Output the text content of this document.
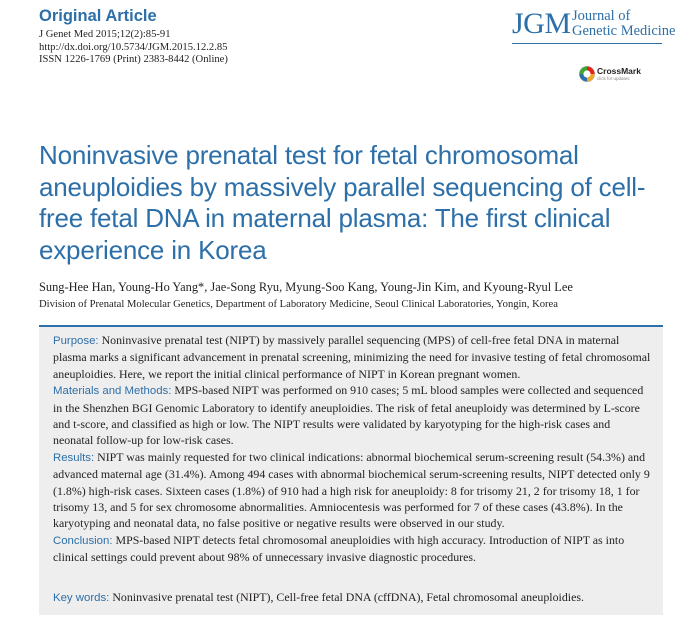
Original Article

J Genet Med 2015;12(2):85-91

http://dx.doi.org/10.5734/JGM.2015.12.2.85

ISSN 1226-1769 (Print) 2383-8442 (Online)

JGM Journal of
Genetic Medicine
CrossMark
click for updates
Noninvasive prenatal test for fetal chromosomal
aneuploidies by massively parallel sequencing of cell-
free fetal DNA in maternal plasma: The first clinical
experience in Korea

Sung-Hee Han, Young-Ho Yang*, Jae-Song Ryu, Myung-Soo Kang, Young-Jin Kim, and Kyoung-Ryul Lee

Division of Prenatal Molecular Genetics, Department of Laboratory Medicine, Seoul Clinical Laboratories, Yongin, Korea

Purpose: Noninvasive prenatal test (NIPT) by massively parallel sequencing (MPS) of cell-free fetal DNA in maternal plasma marks a significant advancement in prenatal screening, minimizing the need for invasive testing of fetal chromosomal aneuploidies. Here, we report the initial clinical performance of NIPT in Korean pregnant women.

Materials and Methods: MPS-based NIPT was performed on 910 cases; 5 mL blood samples were collected and sequenced in the Shenzhen BGI Genomic Laboratory to identify aneuploidies. The risk of fetal aneuploidy was determined by L-score and t-score, and classified as high or low. The NIPT results were validated by karyotyping for the high-risk cases and neonatal follow-up for low-risk cases.

Results: NIPT was mainly requested for two clinical indications: abnormal biochemical serum-screening result (54.3%) and advanced maternal age (31.4%). Among 494 cases with abnormal biochemical serum-screening results, NIPT detected only 9 (1.8%) high-risk cases. Sixteen cases (1.8%) of 910 had a high risk for aneuploidy: 8 for trisomy 21, 2 for trisomy 18, 1 for trisomy 13, and 5 for sex chromosome abnormalities. Amniocentesis was performed for 7 of these cases (43.8%). In the karyotyping and neonatal data, no false positive or negative results were observed in our study.

Conclusion: MPS-based NIPT detects fetal chromosomal aneuploidies with high accuracy. Introduction of NIPT as into clinical settings could prevent about 98% of unnecessary invasive diagnostic procedures.

Key words: Noninvasive prenatal test (NIPT), Cell-free fetal DNA (cffDNA), Fetal chromosomal aneuploidies.
